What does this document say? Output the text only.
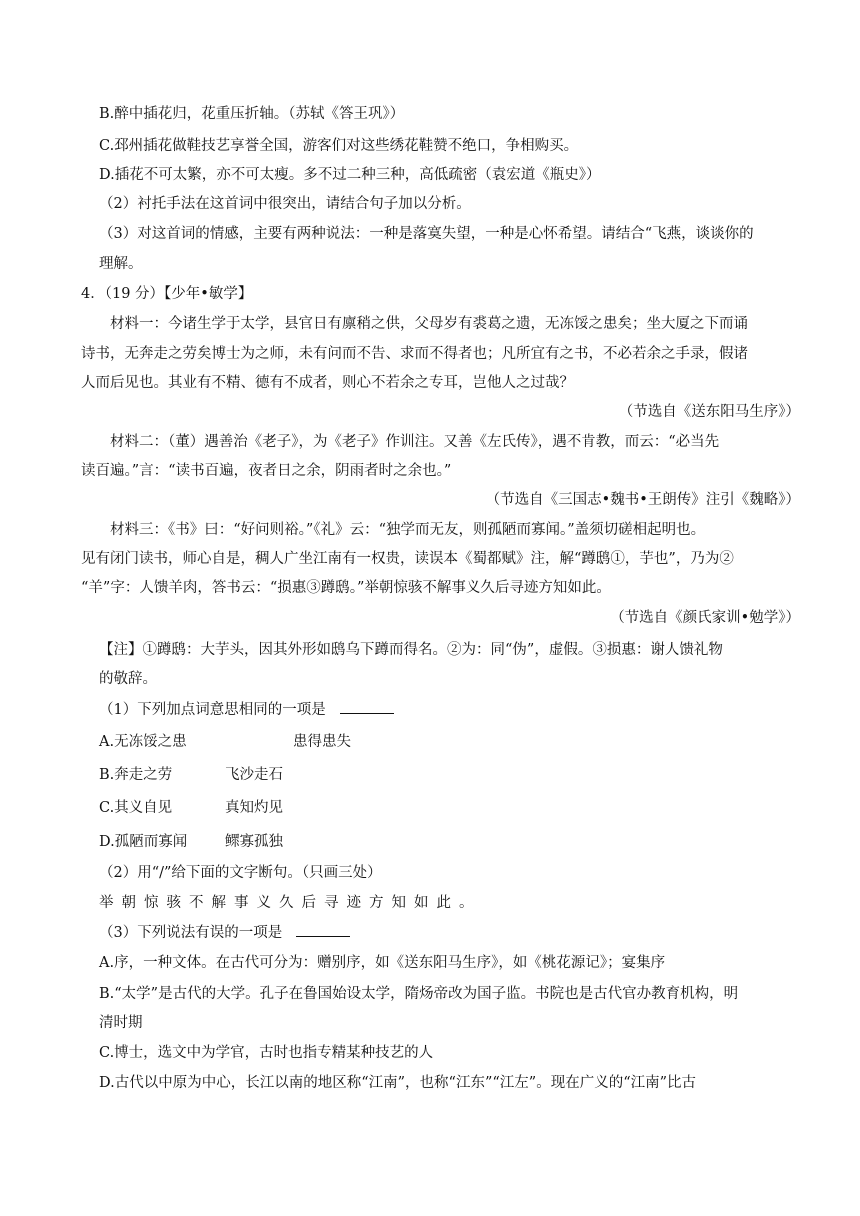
B.醉中插花归，花重压折轴。（苏轼《答王巩》）
C.邳州插花做鞋技艺享誉全国，游客们对这些绣花鞋赞不绝口，争相购买。
D.插花不可太繁，亦不可太瘦。多不过二种三种，高低疏密（袁宏道《瓶史》）
（2）衬托手法在这首词中很突出，请结合句子加以分析。
（3）对这首词的情感，主要有两种说法：一种是落寞失望，一种是心怀希望。请结合“飞燕，谈谈你的
理解。
4．（19 分）【少年•敏学】
材料一：今诸生学于太学，县官日有廪稍之供，父母岁有裘葛之遗，无冻馁之患矣；坐大厦之下而诵
诗书，无奔走之劳矣博士为之师，未有问而不告、求而不得者也；凡所宜有之书，不必若余之手录，假诸
人而后见也。其业有不精、德有不成者，则心不若余之专耳，岂他人之过哉？
（节选自《送东阳马生序》）
材料二：（董）遇善治《老子》，为《老子》作训注。又善《左氏传》，遇不肯教，而云：“必当先
读百遍。”言：“读书百遍，夜者日之余，阴雨者时之余也。”
（节选自《三国志•魏书•王朗传》注引《魏略》）
材料三：《书》曰：“好问则裕。”《礼》云：“独学而无友，则孤陋而寡闻。”盖须切磋相起明也。
见有闭门读书，师心自是，稠人广坐江南有一权贵，读误本《蜀都赋》注，解“蹲鸱①，芋也”，乃为②
“羊”字：人馈羊肉，答书云：“损惠③蹲鸱。”举朝惊骇不解事义久后寻迹方知如此。
（节选自《颜氏家训•勉学》）
【注】①蹲鸱：大芋头，因其外形如鸱乌下蹲而得名。②为：同“伪”，虚假。③损惠：谢人馈礼物
的敬辞。
（1）下列加点词意思相同的一项是
A.无冻馁之患	患得患失
B.奔走之劳	飞沙走石
C.其义自见	真知灼见
D.孤陋而寡闻	鳏寡孤独
（2）用“/”给下面的文字断句。（只画三处）
举朝惊骇不解事义久后寻迹方知如此。
（3）下列说法有误的一项是
A.序，一种文体。在古代可分为：赠别序，如《送东阳马生序》，如《桃花源记》；宴集序
B.“太学”是古代的大学。孔子在鲁国始设太学，隋炀帝改为国子监。书院也是古代官办教育机构，明
清时期
C.博士，选文中为学官，古时也指专精某种技艺的人
D.古代以中原为中心，长江以南的地区称“江南”，也称“江东”“江左”。现在广义的“江南”比古
